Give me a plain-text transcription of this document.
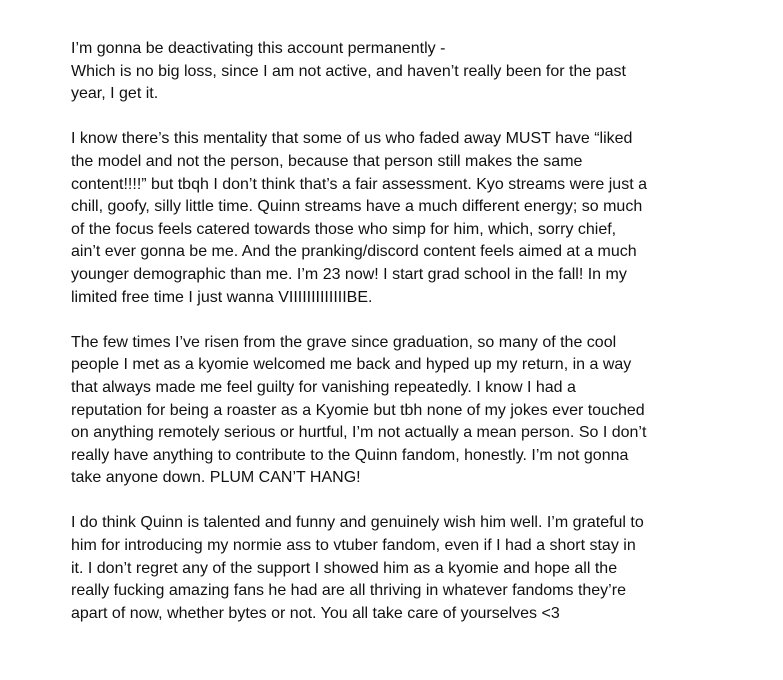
I’m gonna be deactivating this account permanently -
Which is no big loss, since I am not active, and haven’t really been for the past
year, I get it.

I know there’s this mentality that some of us who faded away MUST have “liked
the model and not the person, because that person still makes the same
content!!!!” but tbqh I don’t think that’s a fair assessment. Kyo streams were just a
chill, goofy, silly little time. Quinn streams have a much different energy; so much
of the focus feels catered towards those who simp for him, which, sorry chief,
ain’t ever gonna be me. And the pranking/discord content feels aimed at a much
younger demographic than me. I’m 23 now! I start grad school in the fall! In my
limited free time I just wanna VIIIIIIIIIIIIIBE.

The few times I’ve risen from the grave since graduation, so many of the cool
people I met as a kyomie welcomed me back and hyped up my return, in a way
that always made me feel guilty for vanishing repeatedly. I know I had a
reputation for being a roaster as a Kyomie but tbh none of my jokes ever touched
on anything remotely serious or hurtful, I’m not actually a mean person. So I don’t
really have anything to contribute to the Quinn fandom, honestly. I’m not gonna
take anyone down. PLUM CAN’T HANG!

I do think Quinn is talented and funny and genuinely wish him well. I’m grateful to
him for introducing my normie ass to vtuber fandom, even if I had a short stay in
it. I don’t regret any of the support I showed him as a kyomie and hope all the
really fucking amazing fans he had are all thriving in whatever fandoms they’re
apart of now, whether bytes or not. You all take care of yourselves <3
